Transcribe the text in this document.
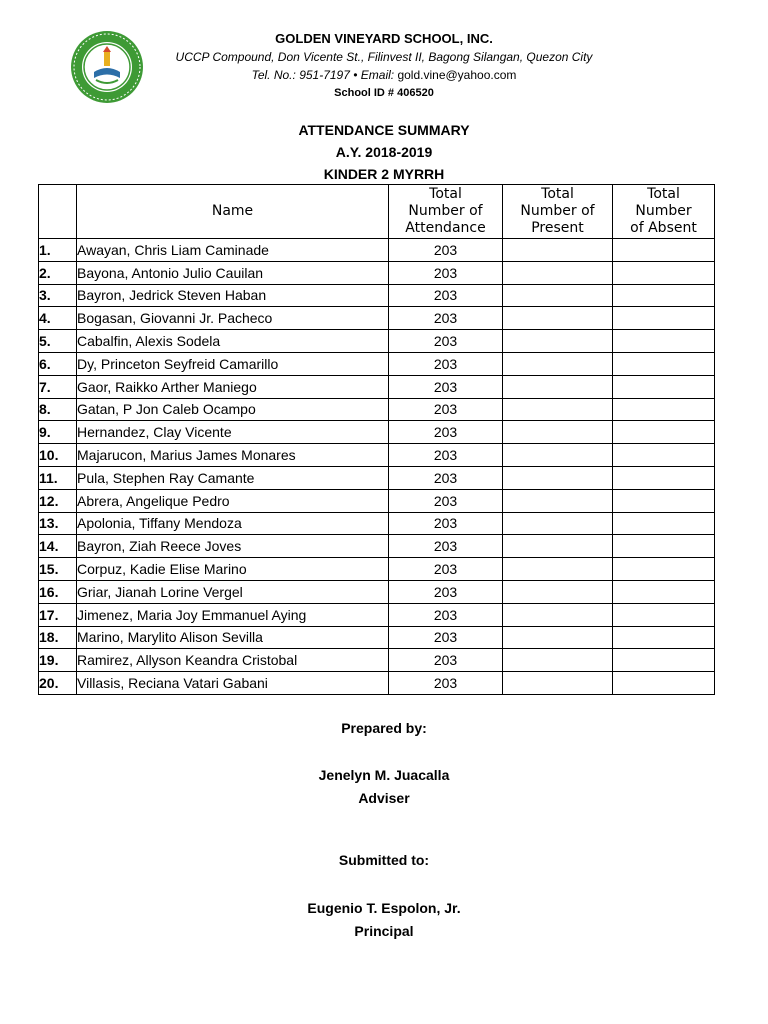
GOLDEN VINEYARD SCHOOL, INC.
UCCP Compound, Don Vicente St., Filinvest II, Bagong Silangan, Quezon City
Tel. No.: 951-7197 • Email: gold.vine@yahoo.com
School ID # 406520
ATTENDANCE SUMMARY
A.Y. 2018-2019
KINDER 2 MYRRH
	Name	Total
Number of
Attendance	Total
Number of
Present	Total
Number
of Absent
1.	Awayan, Chris Liam Caminade	203		
2.	Bayona, Antonio Julio Cauilan	203		
3.	Bayron, Jedrick Steven Haban	203		
4.	Bogasan, Giovanni Jr. Pacheco	203		
5.	Cabalfin, Alexis Sodela	203		
6.	Dy, Princeton Seyfreid Camarillo	203		
7.	Gaor, Raikko Arther Maniego	203		
8.	Gatan, P Jon Caleb Ocampo	203		
9.	Hernandez, Clay Vicente	203		
10.	Majarucon, Marius James Monares	203		
11.	Pula, Stephen Ray Camante	203		
12.	Abrera, Angelique Pedro	203		
13.	Apolonia, Tiffany Mendoza	203		
14.	Bayron, Ziah Reece Joves	203		
15.	Corpuz, Kadie Elise Marino	203		
16.	Griar, Jianah Lorine Vergel	203		
17.	Jimenez, Maria Joy Emmanuel Aying	203		
18.	Marino, Marylito Alison Sevilla	203		
19.	Ramirez, Allyson Keandra Cristobal	203		
20.	Villasis, Reciana Vatari Gabani	203		
Prepared by:
Jenelyn M. Juacalla
Adviser
Submitted to:
Eugenio T. Espolon, Jr.
Principal
